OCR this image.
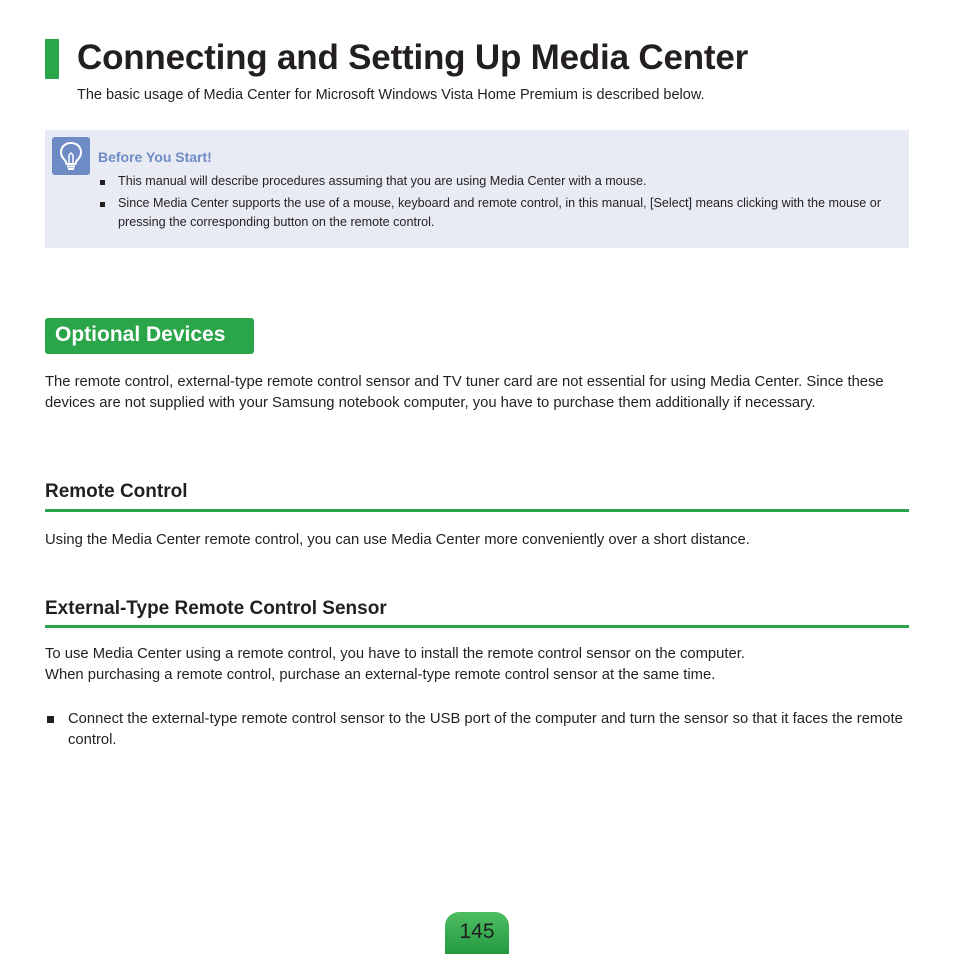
Connecting and Setting Up Media Center
The basic usage of Media Center for Microsoft Windows Vista Home Premium is described below.
Before You Start!
This manual will describe procedures assuming that you are using Media Center with a mouse.
Since Media Center supports the use of a mouse, keyboard and remote control, in this manual, [Select] means clicking with the mouse or pressing the corresponding button on the remote control.
Optional Devices
The remote control, external-type remote control sensor and TV tuner card are not essential for using Media Center. Since these devices are not supplied with your Samsung notebook computer, you have to purchase them additionally if necessary.
Remote Control
Using the Media Center remote control, you can use Media Center more conveniently over a short distance.
External-Type Remote Control Sensor
To use Media Center using a remote control, you have to install the remote control sensor on the computer.
When purchasing a remote control, purchase an external-type remote control sensor at the same time.
Connect the external-type remote control sensor to the USB port of the computer and turn the sensor so that it faces the remote control.
145
